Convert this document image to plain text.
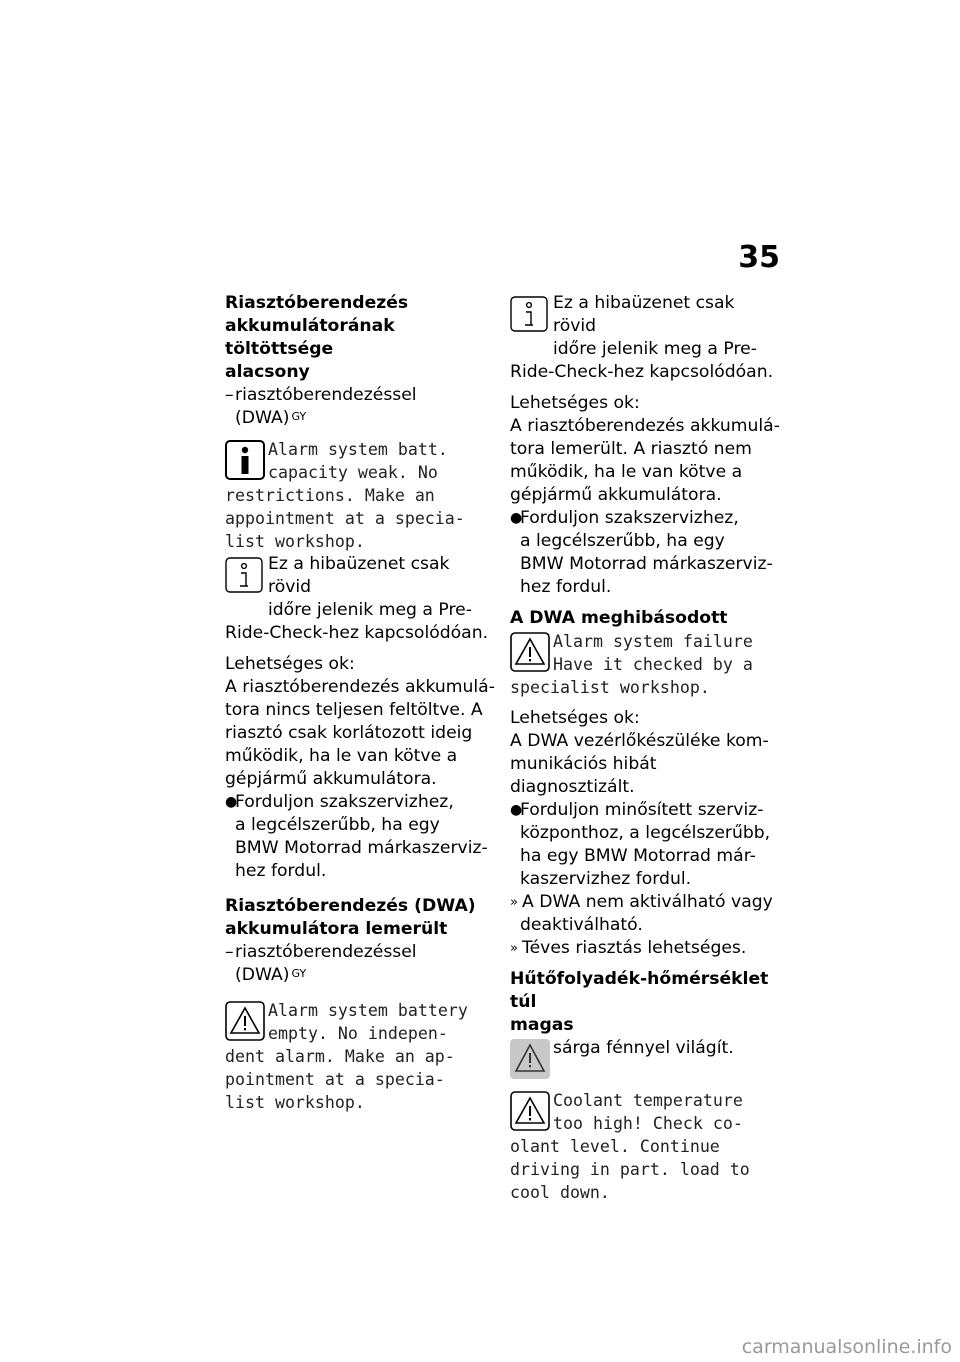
35

Riasztóberendezés

akkumulátorának töltöttsége

alacsony

– riasztóberendezéssel

(DWA) $^{GY}$

Alarm system batt.

capacity weak. No

restrictions. Make an

appointment at a specia-

list workshop.

Ez a hibaüzenet csak rövid

időre jelenik meg a Pre-

Ride-Check-hez kapcsolódóan.

Lehetséges ok:

A riasztóberendezés akkumulá-

tora nincs teljesen feltöltve. A

riasztó csak korlátozott ideig

működik, ha le van kötve a

gépjármű akkumulátora.

●
Forduljon szakszervizhez,

a legcélszerűbb, ha egy

BMW Motorrad márkaszerviz-

hez fordul.

Riasztóberendezés (DWA)

akkumulátora lemerült

– riasztóberendezéssel

(DWA) $^{GY}$

Alarm system battery

empty. No indepen-

dent alarm. Make an ap-

pointment at a specia-

list workshop.

Ez a hibaüzenet csak rövid

időre jelenik meg a Pre-

Ride-Check-hez kapcsolódóan.

Lehetséges ok:

A riasztóberendezés akkumulá-

tora lemerült. A riasztó nem

működik, ha le van kötve a

gépjármű akkumulátora.

●
Forduljon szakszervizhez,

a legcélszerűbb, ha egy

BMW Motorrad márkaszerviz-

hez fordul.

A DWA meghibásodott

Alarm system failure

Have it checked by a

specialist workshop.

Lehetséges ok:

A DWA vezérlőkészüléke kom-

munikációs hibát diagnosztizált.

●
Forduljon minősített szerviz-

központhoz, a legcélszerűbb,

ha egy BMW Motorrad már-

kaszervizhez fordul.

» A DWA nem aktiválható vagy

deaktiválható.

» Téves riasztás lehetséges.

Hűtőfolyadék-hőmérséklet túl

magas

sárga fénnyel világít.

Coolant temperature

too high! Check co-

olant level. Continue

driving in part. load to

cool down.

carmanualsonline.info
